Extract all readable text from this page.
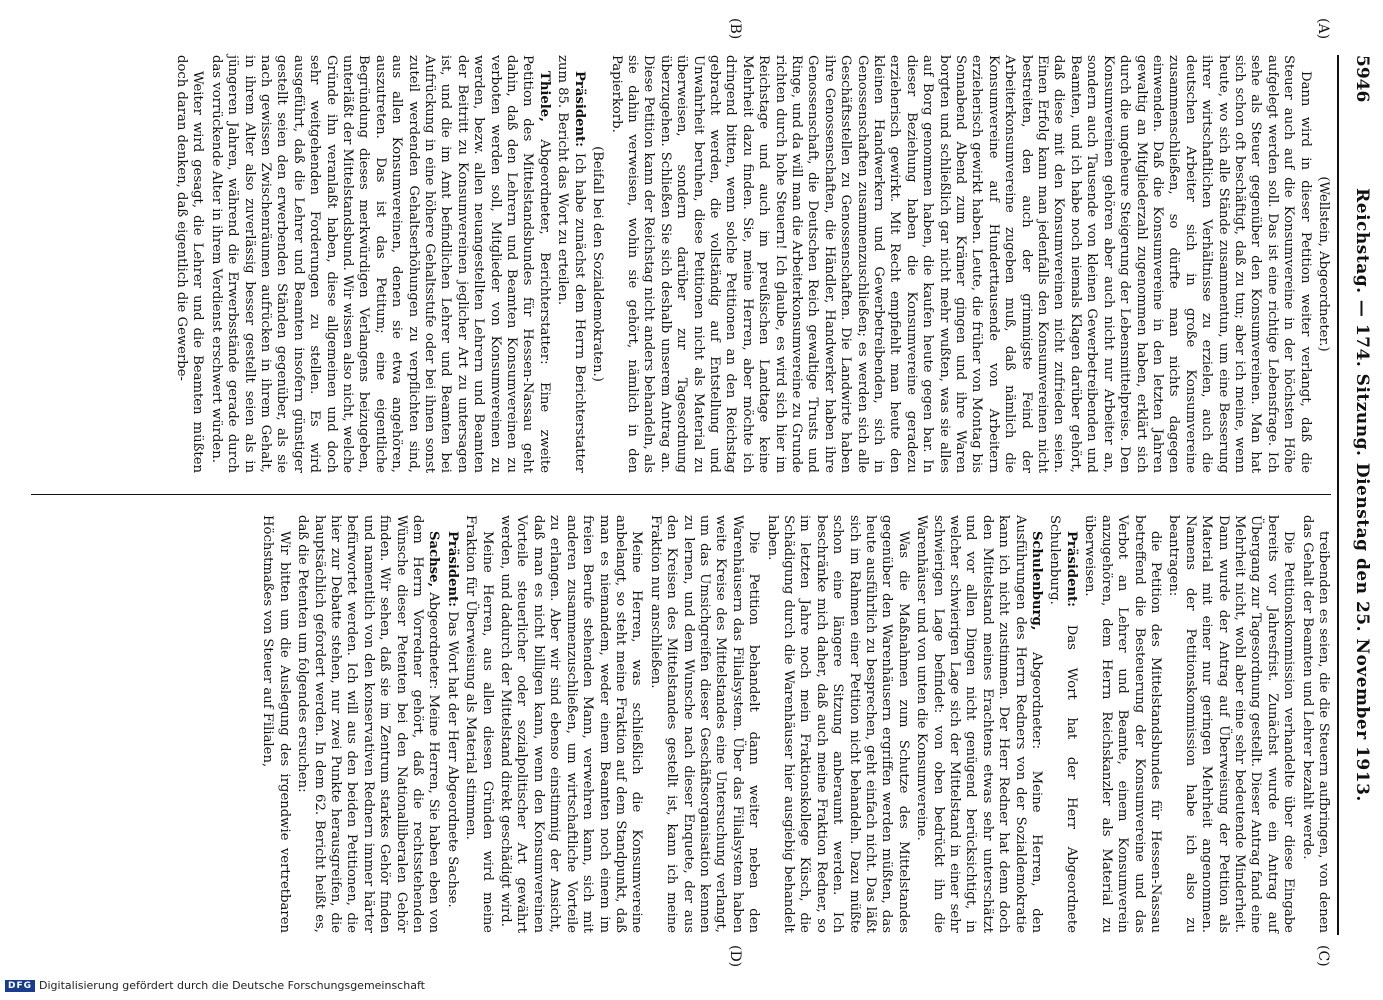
5946
Reichstag. — 174. Sitzung. Dienstag den 25. November 1913.
(A)
(B)
(C)
(D)

(Wellstein, Abgeordneter.)

Dann wird in dieser Petition weiter verlangt, daß die Steuer auch auf die Konsumvereine in der höchsten Höhe aufgelegt werden soll. Das ist eine richtige Lebensfrage. Ich sehe als Steuer gegenüber den Konsumvereinen. Man hat sich schon oft beschäftigt, daß zu tun; aber ich meine, wenn heute, wo sich alle Stände zusammentun, um eine Besserung ihrer wirtschaftlichen Verhältnisse zu erzielen, auch die deutschen Arbeiter sich in große Konsumvereine zusammenschließen, so dürfte man nichts dagegen einwenden. Daß die Konsumvereine in den letzten Jahren gewaltig an Mitgliederzahl zugenommen haben, erklärt sich durch die ungeheure Steigerung der Lebensmittelpreise. Den Konsumvereinen gehören aber auch nicht nur Arbeiter an, sondern auch Tausende von kleinen Gewerbetreibenden und Beamten, und ich habe noch niemals Klagen darüber gehört, daß diese mit den Konsumvereinen nicht zufrieden seien. Einen Erfolg kann man jedenfalls den Konsumvereinen nicht bestreiten, den auch der grimmigste Feind der Arbeiterkonsumvereine zugeben muß, daß nämlich die Konsumvereine auf Hunderttausende von Arbeitern erzieherisch gewirkt haben. Leute, die früher von Montag bis Sonnabend Abend zum Krämer gingen und ihre Waren borgten und schließlich gar nicht mehr wußten, was sie alles auf Borg genommen haben, die kaufen heute gegen bar. In dieser Beziehung haben die Konsumvereine geradezu erzieherisch gewirkt. Mit Recht empfiehlt man heute den kleinen Handwerkern und Gewerbetreibenden, sich in Genossenschaften zusammenzuschließen; es werden sich alle Geschäftsstellen zu Genossenschaften. Die Landwirte haben ihre Genossenschaften, die Händler, Handwerker haben ihre Genossenschaft, die Deutschen Reich gewaltige Trusts und Ringe, und da will man die Arbeiterkonsumvereine zu Grunde richten durch hohe Steuern! Ich glaube, es wird sich hier im Reichstage und auch im preußischen Landtage keine Mehrheit dazu finden. Sie, meine Herren, aber möchte ich dringend bitten, wenn solche Petitionen an den Reichstag gebracht werden, die vollständig auf Entstellung und Unwahrheit beruhen, diese Petitionen nicht als Material zu überweisen, sondern darüber zur Tagesordnung überzugehen. Schließen Sie sich deshalb unserem Antrag an. Diese Petition kann der Reichstag nicht anders behandeln, als sie dahin verweisen, wohin sie gehört, nämlich in den Papierkorb.

(Beifall bei den Sozialdemokraten.)

Präsident: Ich habe zunächst dem Herrn Berichterstatter zum 85. Bericht das Wort zu erteilen.

Thiele, Abgeordneter, Berichterstatter: Eine zweite Petition des Mittelstandsbundes für Hessen-Nassau geht dahin, daß den Lehrern und Beamten Konsumvereinen zu verboten werden soll, Mitglieder von Konsumvereinen zu werden, bezw. allen neuangestellten Lehrern und Beamten der Beitritt zu Konsumvereinen jeglicher Art zu untersagen ist, und die im Amt befindlichen Lehrer und Beamten bei Aufrückung in eine höhere Gehaltsstufe oder bei ihnen sonst zuteil werdenden Gehaltserhöhungen zu verpflichten sind, aus allen Konsumvereinen, denen sie etwa angehören, auszutreten. Das ist das Petitum; eine eigentliche Begründung dieses merkwürdigen Verlangens beizugeben, unterläßt der Mittelstandsbund. Wir wissen also nicht, welche Gründe ihn veranlaßt haben, diese allgemeinen und doch sehr weitgehenden Forderungen zu stellen. Es wird ausgeführt, daß die Lehrer und Beamten insofern günstiger gestellt seien den erwerbenden Ständen gegenüber, als sie nach gewissen Zwischenräumen aufrücken in ihrem Gehalt, in ihrem Alter also zuverlässig besser gestellt seien als in jüngeren Jahren, während die Erwerbsstände gerade durch das vorrückende Alter in ihrem Verdienst erschwert würden.

Weiter wird gesagt, die Lehrer und die Beamten müßten doch daran denken, daß eigentlich die Gewerbe-

treibenden es seien, die die Steuern aufbringen, von denen das Gehalt der Beamten und Lehrer bezahlt werde.

Die Petitionskommission verhandelte über diese Eingabe bereits vor Jahresfrist. Zunächst wurde ein Antrag auf Übergang zur Tagesordnung gestellt. Dieser Antrag fand eine Mehrheit nicht, wohl aber eine sehr bedeutende Minderheit. Dann wurde der Antrag auf Überweisung der Petition als Material mit einer nur geringen Mehrheit angenommen. Namens der Petitionskommission habe ich also zu beantragen:

die Petition des Mittelstandsbundes für Hessen-Nassau betreffend die Besteuerung der Konsumvereine und das Verbot an Lehrer und Beamte, einem Konsumverein anzugehören, dem Herrn Reichskanzler als Material zu überweisen.

Präsident: Das Wort hat der Herr Abgeordnete Schulenburg.

Schulenburg, Abgeordneter: Meine Herren, den Ausführungen des Herrn Redners von der Sozialdemokratie kann ich nicht zustimmen. Der Herr Redner hat denn doch den Mittelstand meines Erachtens etwas sehr unterschätzt und vor allen Dingen nicht genügend berücksichtigt, in welcher schwierigen Lage sich der Mittelstand in einer sehr schwierigen Lage befindet: von oben bedrückt ihn die Warenhäuser und von unten die Konsumvereine.

Was die Maßnahmen zum Schutze des Mittelstandes gegenüber den Warenhäusern ergriffen werden müßten, das heute ausführlich zu besprechen, geht einfach nicht. Das läßt sich im Rahmen einer Petition nicht behandeln. Dazu müßte schon eine längere Sitzung anberaumt werden. Ich beschränke mich daher, daß auch meine Fraktion Redner, so im letzten Jahre noch mein Fraktionskollege Küsch, die Schädigung durch die Warenhäuser hier ausgiebig behandelt haben.

Die Petition behandelt dann weiter neben den Warenhäusern das Filialsystem. Über das Filialsystem haben weite Kreise des Mittelstandes eine Untersuchung verlangt, um das Umsichgreifen dieser Geschäftsorganisation kennen zu lernen, und dem Wunsche nach dieser Enquete, der aus den Kreisen des Mittelstandes gestellt ist, kann ich meine Fraktion nur anschließen.

Meine Herren, was schließlich die Konsumvereine anbelangt, so steht meine Fraktion auf dem Standpunkt, daß man es niemandem, weder einem Beamten noch einem im freien Berufe stehenden Mann, verwehren kann, sich mit anderen zusammenzuschließen, um wirtschaftliche Vorteile zu erlangen. Aber wir sind ebenso einstimmig der Ansicht, daß man es nicht billigen kann, wenn den Konsumvereinen Vorteile steuerlicher oder sozialpolitischer Art gewährt werden, und dadurch der Mittelstand direkt geschädigt wird.

Meine Herren, aus allen diesen Gründen wird meine Fraktion für Überweisung als Material stimmen.

Präsident: Das Wort hat der Herr Abgeordnete Sachse.

Sachse, Abgeordneter: Meine Herren, Sie haben eben von dem Herrn Vorredner gehört, daß die rechtsstehenden Wünsche dieser Petenten bei den Nationalliberalen Gehör finden. Wir sehen, daß sie im Zentrum starkes Gehör finden und namentlich von den konservativen Rednern immer härter befürwortet werden. Ich will aus den beiden Petitionen, die hier zur Debatte stehen, nur zwei Punkte herausgreifen, die hauptsächlich gefordert werden. In dem 62. Bericht heißt es, daß die Petenten um folgendes ersuchen:

Wir bitten um die Auslegung des irgendwie vertretbaren Höchstmaßes von Steuer auf Filialen,

DFG Digitalisierung gefördert durch die Deutsche Forschungsgemeinschaft
